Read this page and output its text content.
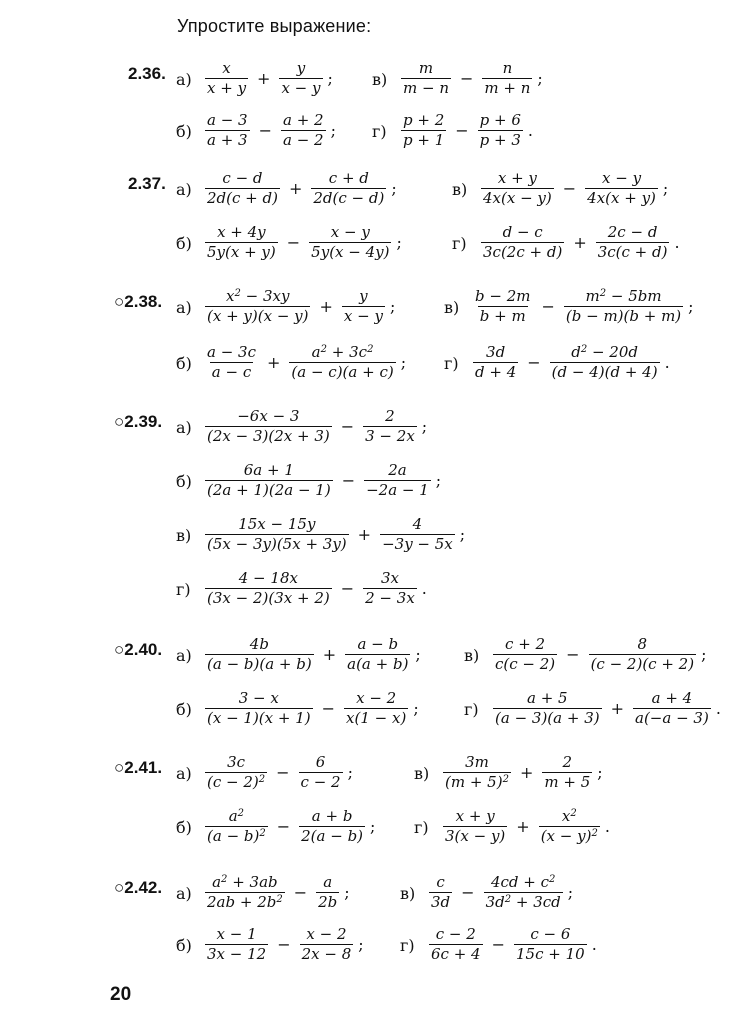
Упростите выражение:
2.36. $а) \frac{x}{x + y} + \frac{y}{x - y}$ ; $в) \frac{m}{m - n} - \frac{n}{m + n}$ ;
$б) \frac{a - 3}{a + 3} - \frac{a + 2}{a - 2}$ ; $г) \frac{p + 2}{p + 1} - \frac{p + 6}{p + 3}$ .
2.37. $а) \frac{c - d}{2d(c + d)} + \frac{c + d}{2d(c - d)}$ ;	$в) \frac{x + y}{4x(x - y)} - \frac{x - y}{4x(x + y)}$ ;
$б) \frac{x + 4y}{5y(x + y)} - \frac{x - y}{5y(x - 4y)}$ ;	$г) \frac{d - c}{3c(2c + d)} + \frac{2c - d}{3c(c + d)}$ .
○2.38. $а) \frac{x^2 - 3xy}{(x + y)(x - y)} + \frac{y}{x - y}$ ;	$в) \frac{b - 2m}{b + m} - \frac{m^2 - 5bm}{(b - m)(b + m)}$ ;
$б) \frac{a - 3c}{a - c} + \frac{a^2 + 3c^2}{(a - c)(a + c)}$ ; $г) \frac{3d}{d + 4} - \frac{d^2 - 20d}{(d - 4)(d + 4)}$ .
○2.39. $а) \frac{-6x - 3}{(2x - 3)(2x + 3)} - \frac{2}{3 - 2x}$ ;
$б) \frac{6a + 1}{(2a + 1)(2a - 1)} - \frac{2a}{-2a - 1}$ ;
$в) \frac{15x - 15y}{(5x - 3y)(5x + 3y)} + \frac{4}{-3y - 5x}$ ;
$г) \frac{4 - 18x}{(3x - 2)(3x + 2)} - \frac{3x}{2 - 3x}$ .
○2.40. $а) \frac{4b}{(a - b)(a + b)} + \frac{a - b}{a(a + b)}$ ;	$в) \frac{c + 2}{c(c - 2)} - \frac{8}{(c - 2)(c + 2)}$ ;
$б) \frac{3 - x}{(x - 1)(x + 1)} - \frac{x - 2}{x(1 - x)}$ ;	$г) \frac{a + 5}{(a - 3)(a + 3)} + \frac{a + 4}{a(-a - 3)}$ .
○2.41. $а) \frac{3c}{(c - 2)^2} - \frac{6}{c - 2}$ ;	$в) \frac{3m}{(m + 5)^2} + \frac{2}{m + 5}$ ;
$б) \frac{a^2}{(a - b)^2} - \frac{a + b}{2(a - b)}$ ; $г) \frac{x + y}{3(x - y)} + \frac{x^2}{(x - y)^2}$ .
○2.42. $а) \frac{a^2 + 3ab}{2ab + 2b^2} - \frac{a}{2b}$ ;	$в) \frac{c}{3d} - \frac{4cd + c^2}{3d^2 + 3cd}$ ;
$б) \frac{x - 1}{3x - 12} - \frac{x - 2}{2x - 8}$ ; $г) \frac{c - 2}{6c + 4} - \frac{c - 6}{15c + 10}$ .
20
